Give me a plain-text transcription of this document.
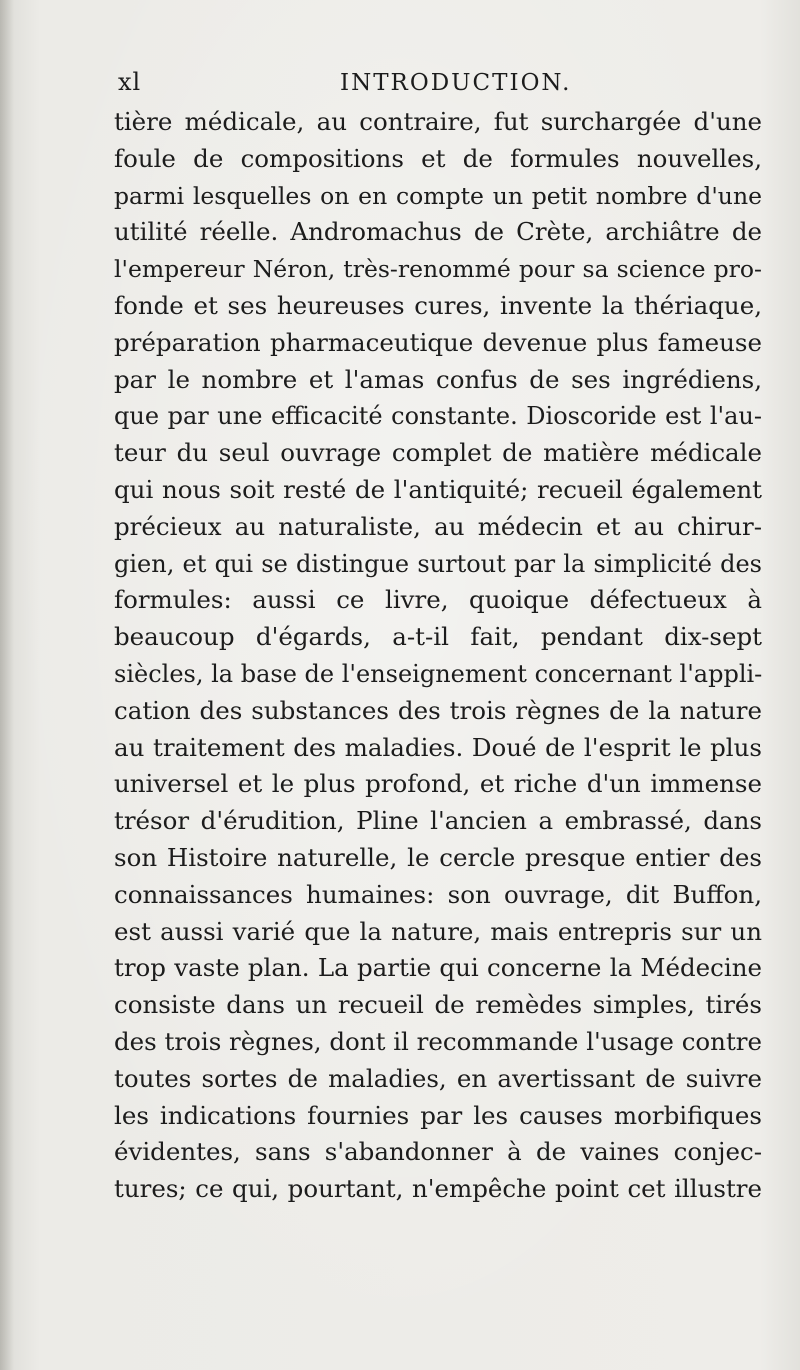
xl	INTRODUCTION.
tière médicale, au contraire, fut surchargée d'une
foule de compositions et de formules nouvelles,
parmi lesquelles on en compte un petit nombre d'une
utilité réelle. Andromachus de Crète, archiâtre de
l'empereur Néron, très-renommé pour sa science pro-
fonde et ses heureuses cures, invente la thériaque,
préparation pharmaceutique devenue plus fameuse
par le nombre et l'amas confus de ses ingrédiens,
que par une efficacité constante. Dioscoride est l'au-
teur du seul ouvrage complet de matière médicale
qui nous soit resté de l'antiquité; recueil également
précieux au naturaliste, au médecin et au chirur-
gien, et qui se distingue surtout par la simplicité des
formules: aussi ce livre, quoique défectueux à
beaucoup d'égards, a-t-il fait, pendant dix-sept
siècles, la base de l'enseignement concernant l'appli-
cation des substances des trois règnes de la nature
au traitement des maladies. Doué de l'esprit le plus
universel et le plus profond, et riche d'un immense
trésor d'érudition, Pline l'ancien a embrassé, dans
son Histoire naturelle, le cercle presque entier des
connaissances humaines: son ouvrage, dit Buffon,
est aussi varié que la nature, mais entrepris sur un
trop vaste plan. La partie qui concerne la Médecine
consiste dans un recueil de remèdes simples, tirés
des trois règnes, dont il recommande l'usage contre
toutes sortes de maladies, en avertissant de suivre
les indications fournies par les causes morbifiques
évidentes, sans s'abandonner à de vaines conjec-
tures; ce qui, pourtant, n'empêche point cet illustre
